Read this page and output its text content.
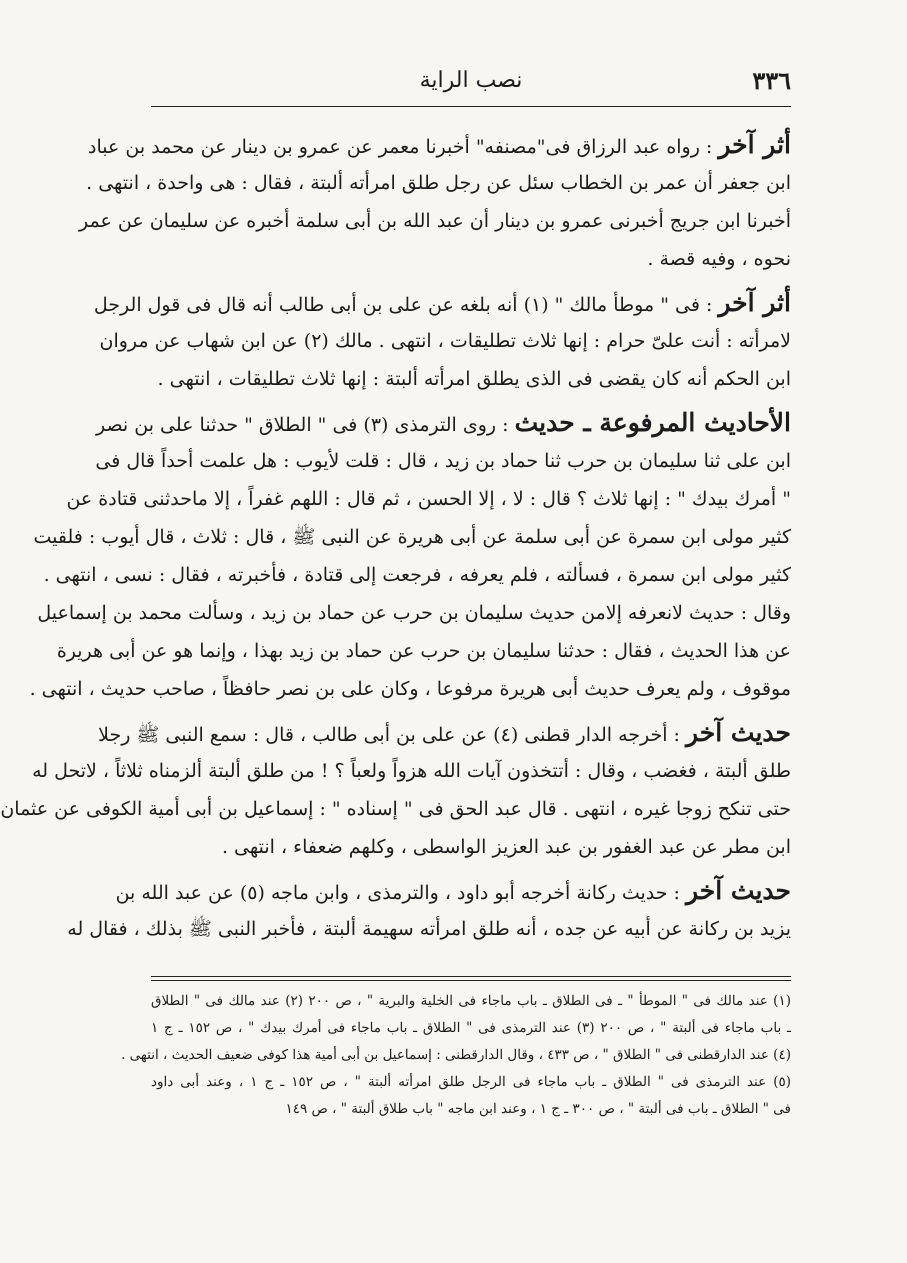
٣٣٦
نصب الراية
أثر آخر : رواه عبد الرزاق فى"مصنفه" أخبرنا معمر عن عمرو بن دينار عن محمد بن عباد
ابن جعفر أن عمر بن الخطاب سئل عن رجل طلق امرأته ألبتة ، فقال : هى واحدة ، انتهى .
أخبرنا ابن جريج أخبرنى عمرو بن دينار أن عبد الله بن أبى سلمة أخبره عن سليمان عن عمر
نحوه ، وفيه قصة .
أثر آخر : فى " موطأ مالك " (١) أنه بلغه عن على بن أبى طالب أنه قال فى قول الرجل
لامرأته : أنت علىّ حرام : إنها ثلاث تطليقات ، انتهى . مالك (٢) عن ابن شهاب عن مروان
ابن الحكم أنه كان يقضى فى الذى يطلق امرأته ألبتة : إنها ثلاث تطليقات ، انتهى .
الأحاديث المرفوعة ـ حديث : روى الترمذى (٣) فى " الطلاق " حدثنا على بن نصر
ابن على ثنا سليمان بن حرب ثنا حماد بن زيد ، قال : قلت لأيوب : هل علمت أحداً قال فى
" أمرك بيدك " : إنها ثلاث ؟ قال : لا ، إلا الحسن ، ثم قال : اللهم غفراً ، إلا ماحدثنى قتادة عن
كثير مولى ابن سمرة عن أبى سلمة عن أبى هريرة عن النبى ﷺ ، قال : ثلاث ، قال أيوب : فلقيت
كثير مولى ابن سمرة ، فسألته ، فلم يعرفه ، فرجعت إلى قتادة ، فأخبرته ، فقال : نسى ، انتهى .
وقال : حديث لانعرفه إلامن حديث سليمان بن حرب عن حماد بن زيد ، وسألت محمد بن إسماعيل
عن هذا الحديث ، فقال : حدثنا سليمان بن حرب عن حماد بن زيد بهذا ، وإنما هو عن أبى هريرة
موقوف ، ولم يعرف حديث أبى هريرة مرفوعا ، وكان على بن نصر حافظاً ، صاحب حديث ، انتهى .
حديث آخر : أخرجه الدار قطنى (٤) عن على بن أبى طالب ، قال : سمع النبى ﷺ رجلا
طلق ألبتة ، فغضب ، وقال : أتتخذون آيات الله هزواً ولعباً ؟ ! من طلق ألبتة ألزمناه ثلاثاً ، لاتحل له
حتى تنكح زوجا غيره ، انتهى . قال عبد الحق فى " إسناده " : إسماعيل بن أبى أمية الكوفى عن عثمان
ابن مطر عن عبد الغفور بن عبد العزيز الواسطى ، وكلهم ضعفاء ، انتهى .
حديث آخر : حديث ركانة أخرجه أبو داود ، والترمذى ، وابن ماجه (٥) عن عبد الله بن
يزيد بن ركانة عن أبيه عن جده ، أنه طلق امرأته سهيمة ألبتة ، فأخبر النبى ﷺ بذلك ، فقال له
(١) عند مالك فى " الموطأ " ـ فى الطلاق ـ باب ماجاء فى الخلية والبرية " ، ص ٢٠٠ (٢) عند مالك فى " الطلاق
ـ باب ماجاء فى ألبتة " ، ص ٢٠٠ (٣) عند الترمذى فى " الطلاق ـ باب ماجاء فى أمرك بيدك " ، ص ١٥٢ ـ ج ١
(٤) عند الدارقطنى فى " الطلاق " ، ص ٤٣٣ ، وقال الدارقطنى : إسماعيل بن أبى أمية هذا كوفى ضعيف الحديث ، انتهى .
(٥) عند الترمذى فى " الطلاق ـ باب ماجاء فى الرجل طلق امرأته ألبتة " ، ص ١٥٢ ـ ج ١ ، وعند أبى داود
فى " الطلاق ـ باب فى ألبتة " ، ص ٣٠٠ ـ ج ١ ، وعند ابن ماجه " باب طلاق ألبتة " ، ص ١٤٩
